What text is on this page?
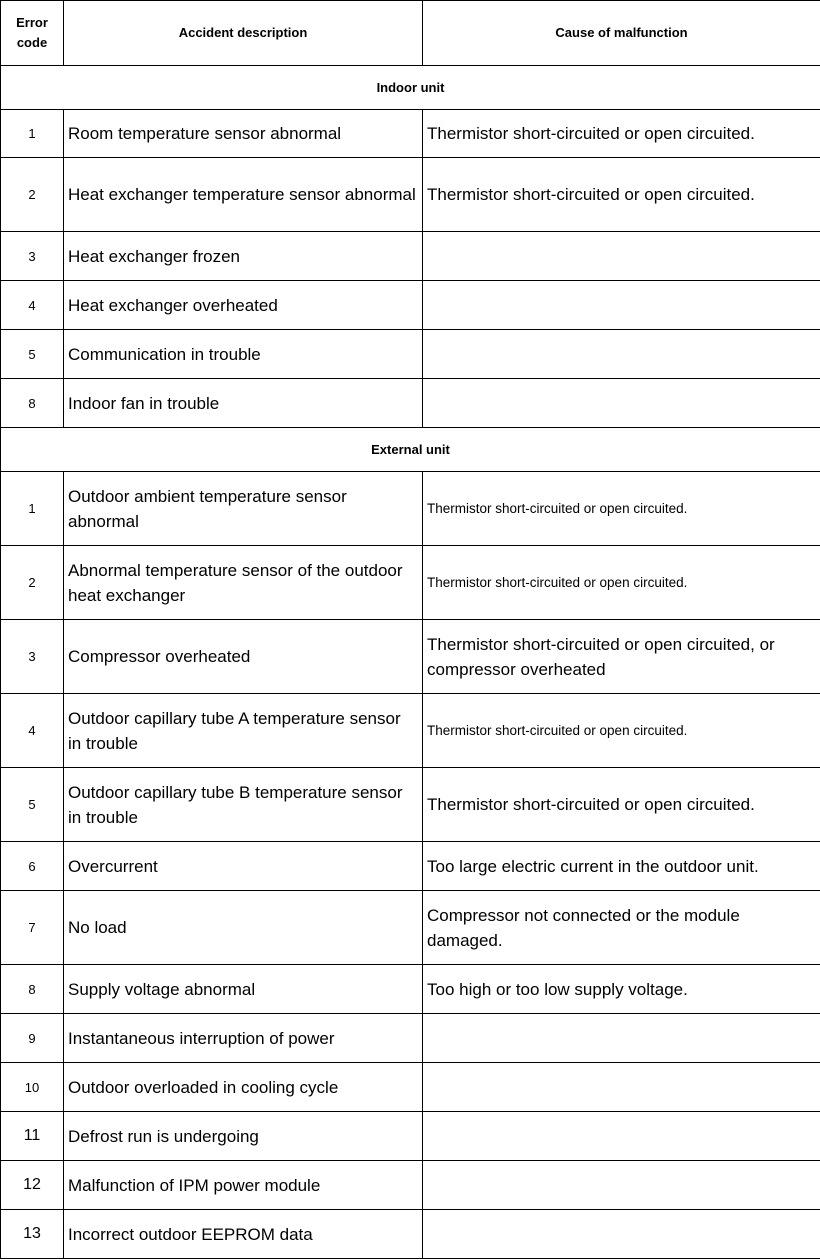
Error code	Accident description	Cause of malfunction
Indoor unit		
1	Room temperature sensor abnormal	Thermistor short-circuited or open circuited.
2	Heat exchanger temperature sensor abnormal	Thermistor short-circuited or open circuited.
3	Heat exchanger frozen	
4	Heat exchanger overheated	
5	Communication in trouble	
8	Indoor fan in trouble	
External unit		
1	Outdoor ambient temperature sensor abnormal	Thermistor short-circuited or open circuited.
2	Abnormal temperature sensor of the outdoor heat exchanger	Thermistor short-circuited or open circuited.
3	Compressor overheated	Thermistor short-circuited or open circuited, or compressor overheated
4	Outdoor capillary tube A temperature sensor in trouble	Thermistor short-circuited or open circuited.
5	Outdoor capillary tube B temperature sensor in trouble	Thermistor short-circuited or open circuited.
6	Overcurrent	Too large electric current in the outdoor unit.
7	No load	Compressor not connected or the module damaged.
8	Supply voltage abnormal	Too high or too low supply voltage.
9	Instantaneous interruption of power	
10	Outdoor overloaded in cooling cycle	
11	Defrost run is undergoing	
12	Malfunction of IPM power module	
13	Incorrect outdoor EEPROM data	
